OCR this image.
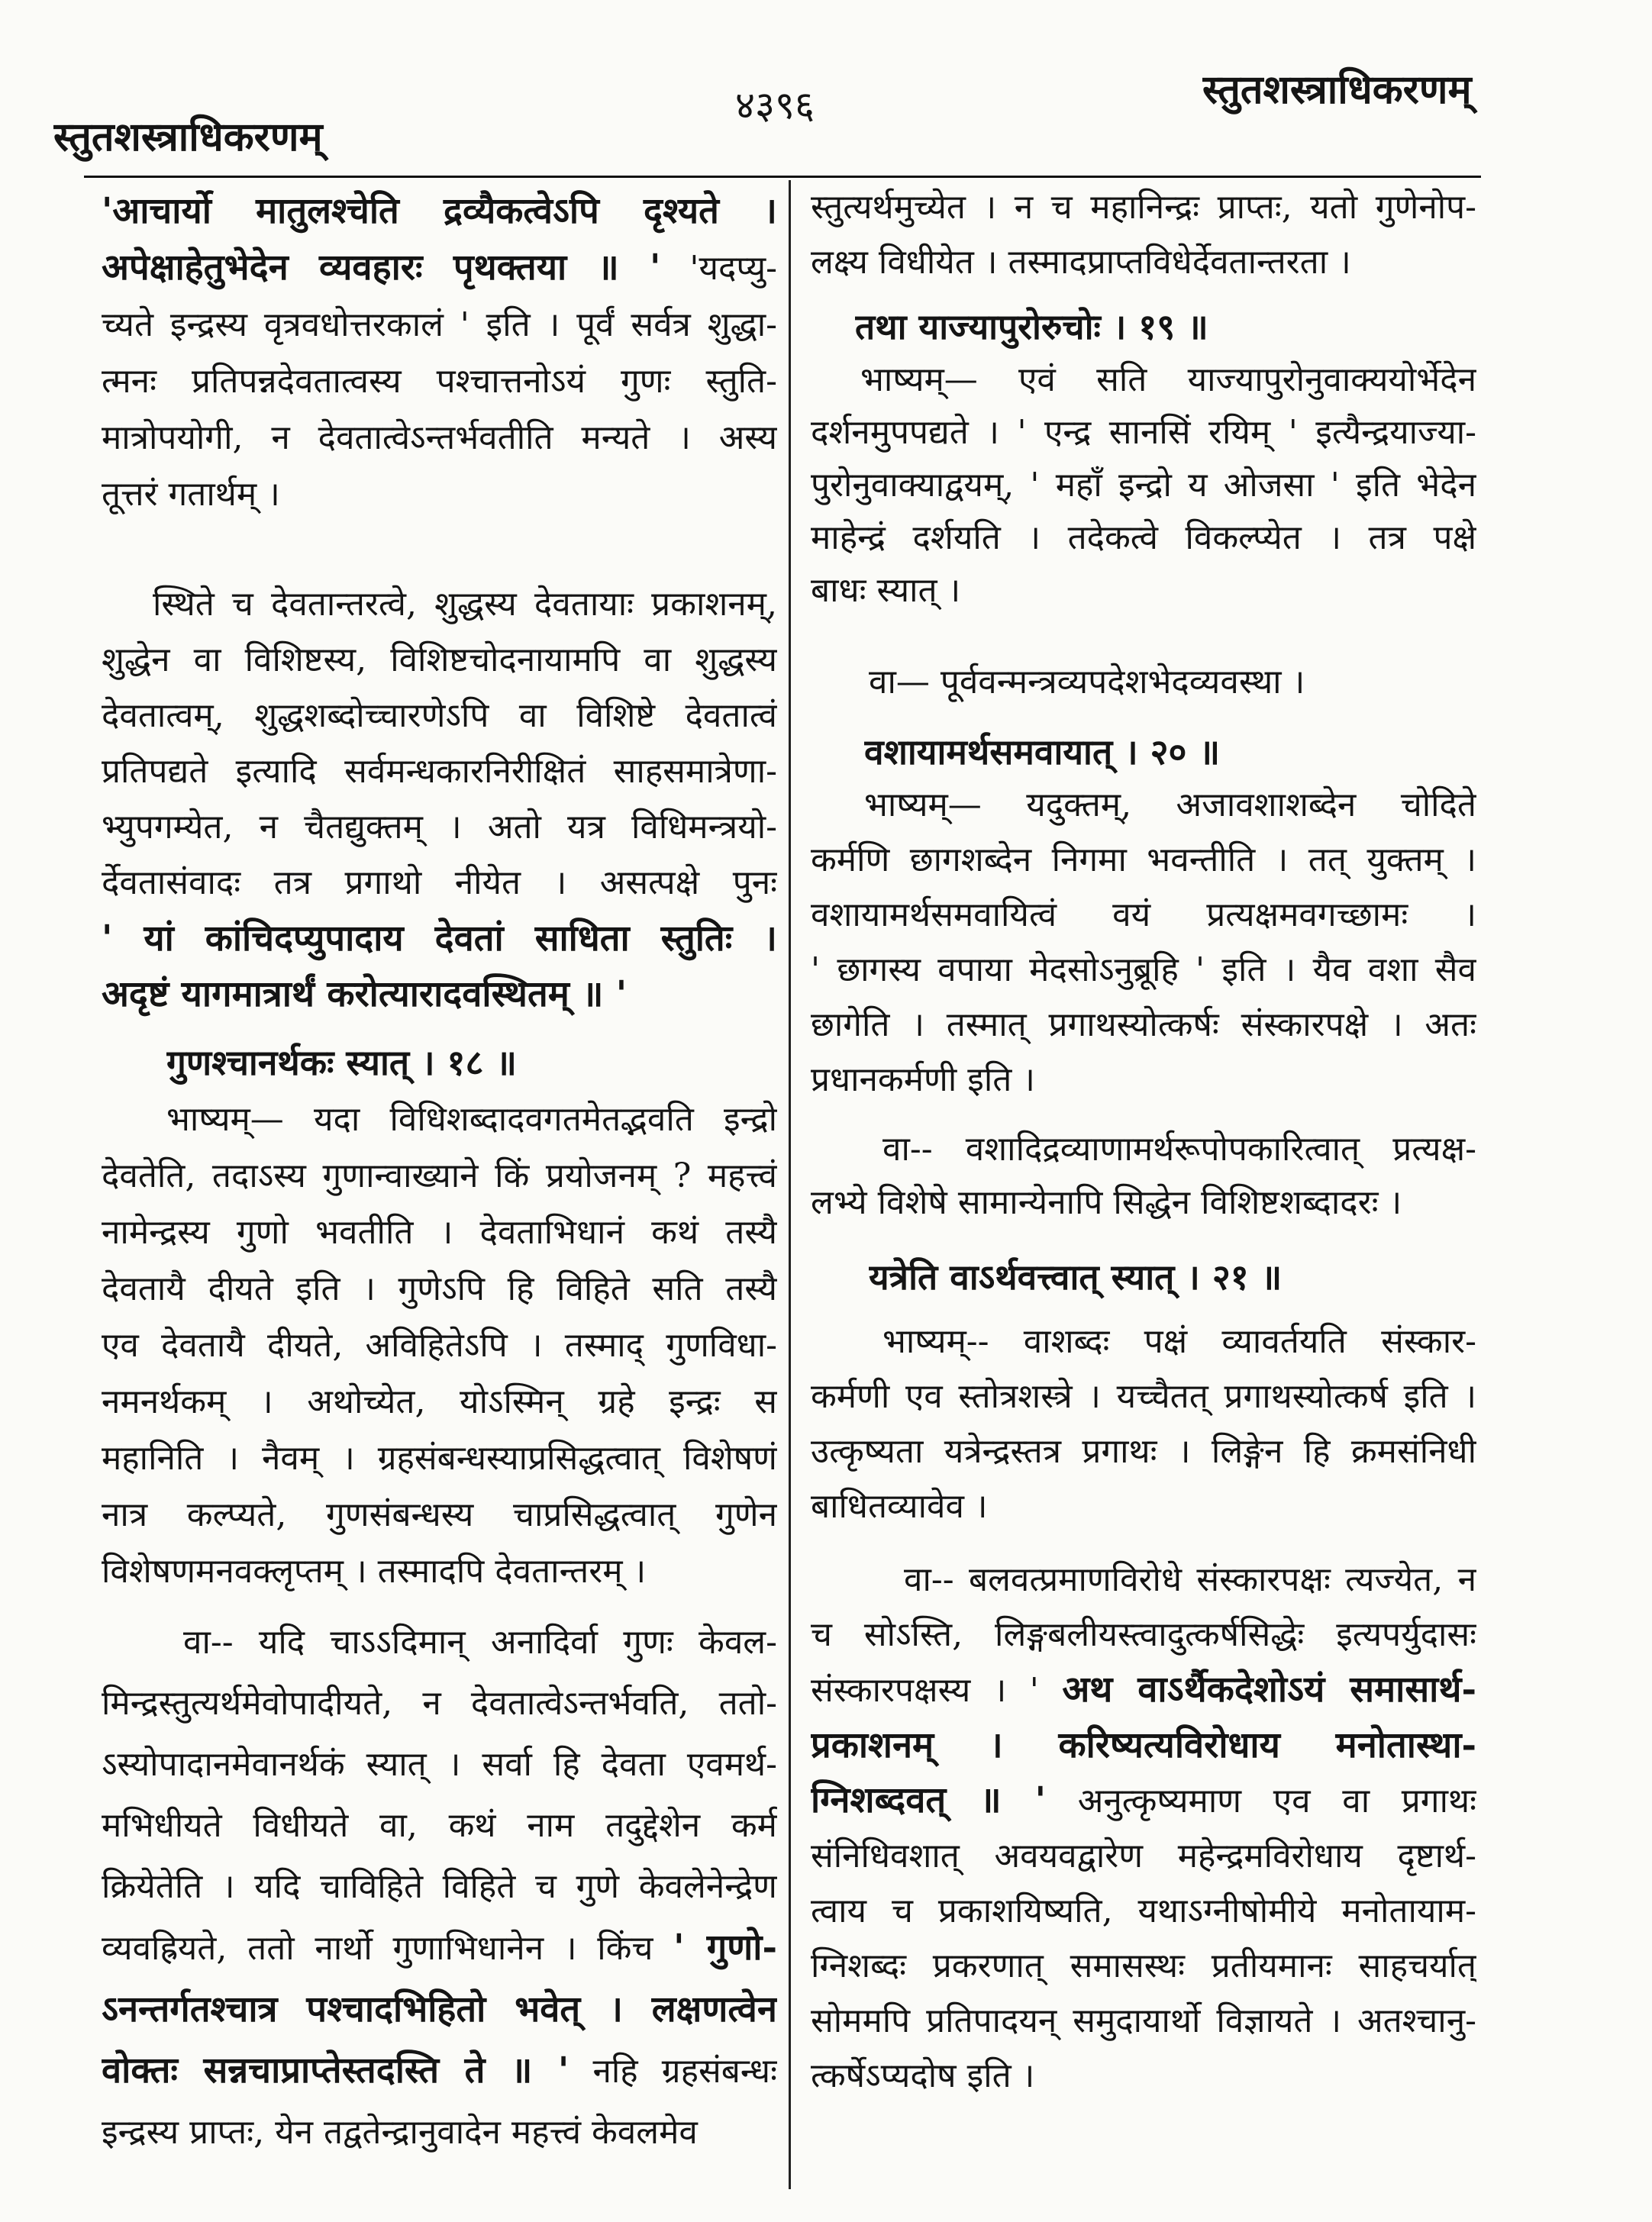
स्तुतशस्त्राधिकरणम्
४३९६	स्तुतशस्त्राधिकरणम्
'आचार्यो मातुलश्चेति द्रव्यैकत्वेऽपि दृश्यते ।
अपेक्षाहेतुभेदेन व्यवहारः पृथक्तया ॥ ' 'यदप्यु-
च्यते इन्द्रस्य वृत्रवधोत्तरकालं ' इति । पूर्वं सर्वत्र शुद्धा-
त्मनः प्रतिपन्नदेवतात्वस्य पश्चात्तनोऽयं गुणः स्तुति-
मात्रोपयोगी, न देवतात्वेऽन्तर्भवतीति मन्यते । अस्य
तूत्तरं गतार्थम् ।
स्थिते च देवतान्तरत्वे, शुद्धस्य देवतायाः प्रकाशनम्,
शुद्धेन वा विशिष्टस्य, विशिष्टचोदनायामपि वा शुद्धस्य
देवतात्वम्, शुद्धशब्दोच्चारणेऽपि वा विशिष्टे देवतात्वं
प्रतिपद्यते इत्यादि सर्वमन्धकारनिरीक्षितं साहसमात्रेणा-
भ्युपगम्येत, न चैतद्युक्तम् । अतो यत्र विधिमन्त्रयो-
र्देवतासंवादः तत्र प्रगाथो नीयेत । असत्पक्षे पुनः
' यां कांचिदप्युपादाय देवतां साधिता स्तुतिः ।
अदृष्टं यागमात्रार्थं करोत्यारादवस्थितम् ॥ '
गुणश्चानर्थकः स्यात् । १८ ॥
भाष्यम्— यदा विधिशब्दादवगतमेतद्भवति इन्द्रो
देवतेति, तदाऽस्य गुणान्वाख्याने किं प्रयोजनम् ? महत्त्वं
नामेन्द्रस्य गुणो भवतीति । देवताभिधानं कथं तस्यै
देवतायै दीयते इति । गुणेऽपि हि विहिते सति तस्यै
एव देवतायै दीयते, अविहितेऽपि । तस्माद् गुणविधा-
नमनर्थकम् । अथोच्येत, योऽस्मिन् ग्रहे इन्द्रः स
महानिति । नैवम् । ग्रहसंबन्धस्याप्रसिद्धत्वात् विशेषणं
नात्र कल्प्यते, गुणसंबन्धस्य चाप्रसिद्धत्वात् गुणेन
विशेषणमनवक्लृप्तम् । तस्मादपि देवतान्तरम् ।
वा-- यदि चाऽऽदिमान् अनादिर्वा गुणः केवल-
मिन्द्रस्तुत्यर्थमेवोपादीयते, न देवतात्वेऽन्तर्भवति, ततो-
ऽस्योपादानमेवानर्थकं स्यात् । सर्वा हि देवता एवमर्थ-
मभिधीयते विधीयते वा, कथं नाम तदुद्देशेन कर्म
क्रियेतेति । यदि चाविहिते विहिते च गुणे केवलेनेन्द्रेण
व्यवह्रियते, ततो नार्थो गुणाभिधानेन । किंच ' गुणो-
ऽनन्तर्गतश्चात्र पश्चादभिहितो भवेत् । लक्षणत्वेन
वोक्तः सन्नचाप्राप्तेस्तदस्ति ते ॥ ' नहि ग्रहसंबन्धः
इन्द्रस्य प्राप्तः, येन तद्वतेन्द्रानुवादेन महत्त्वं केवलमेव
स्तुत्यर्थमुच्येत । न च महानिन्द्रः प्राप्तः, यतो गुणेनोप-
लक्ष्य विधीयेत । तस्मादप्राप्तविधेर्देवतान्तरता ।
तथा याज्यापुरोरुचोः । १९ ॥
भाष्यम्— एवं सति याज्यापुरोनुवाक्ययोर्भेदेन
दर्शनमुपपद्यते । ' एन्द्र सानसिं रयिम् ' इत्यैन्द्रयाज्या-
पुरोनुवाक्याद्वयम्, ' महाँ इन्द्रो य ओजसा ' इति भेदेन
माहेन्द्रं दर्शयति । तदेकत्वे विकल्प्येत । तत्र पक्षे
बाधः स्यात् ।
वा— पूर्ववन्मन्त्रव्यपदेशभेदव्यवस्था ।
वशायामर्थसमवायात् । २० ॥
भाष्यम्— यदुक्तम्, अजावशाशब्देन चोदिते
कर्मणि छागशब्देन निगमा भवन्तीति । तत् युक्तम् ।
वशायामर्थसमवायित्वं वयं प्रत्यक्षमवगच्छामः ।
' छागस्य वपाया मेदसोऽनुब्रूहि ' इति । यैव वशा सैव
छागेति । तस्मात् प्रगाथस्योत्कर्षः संस्कारपक्षे । अतः
प्रधानकर्मणी इति ।
वा-- वशादिद्रव्याणामर्थरूपोपकारित्वात् प्रत्यक्ष-
लभ्ये विशेषे सामान्येनापि सिद्धेन विशिष्टशब्दादरः ।
यत्रेति वाऽर्थवत्त्वात् स्यात् । २१ ॥
भाष्यम्-- वाशब्दः पक्षं व्यावर्तयति संस्कार-
कर्मणी एव स्तोत्रशस्त्रे । यच्चैतत् प्रगाथस्योत्कर्ष इति ।
उत्कृष्यता यत्रेन्द्रस्तत्र प्रगाथः । लिङ्गेन हि क्रमसंनिधी
बाधितव्यावेव ।
वा-- बलवत्प्रमाणविरोधे संस्कारपक्षः त्यज्येत, न
च सोऽस्ति, लिङ्गबलीयस्त्वादुत्कर्षसिद्धेः इत्यपर्युदासः
संस्कारपक्षस्य । ' अथ वाऽर्थैकदेशोऽयं समासार्थ-
प्रकाशनम् । करिष्यत्यविरोधाय मनोतास्था-
ग्निशब्दवत् ॥ ' अनुत्कृष्यमाण एव वा प्रगाथः
संनिधिवशात् अवयवद्वारेण महेन्द्रमविरोधाय दृष्टार्थ-
त्वाय च प्रकाशयिष्यति, यथाऽग्नीषोमीये मनोतायाम-
ग्निशब्दः प्रकरणात् समासस्थः प्रतीयमानः साहचर्यात्
सोममपि प्रतिपादयन् समुदायार्थो विज्ञायते । अतश्चानु-
त्कर्षेऽप्यदोष इति ।
